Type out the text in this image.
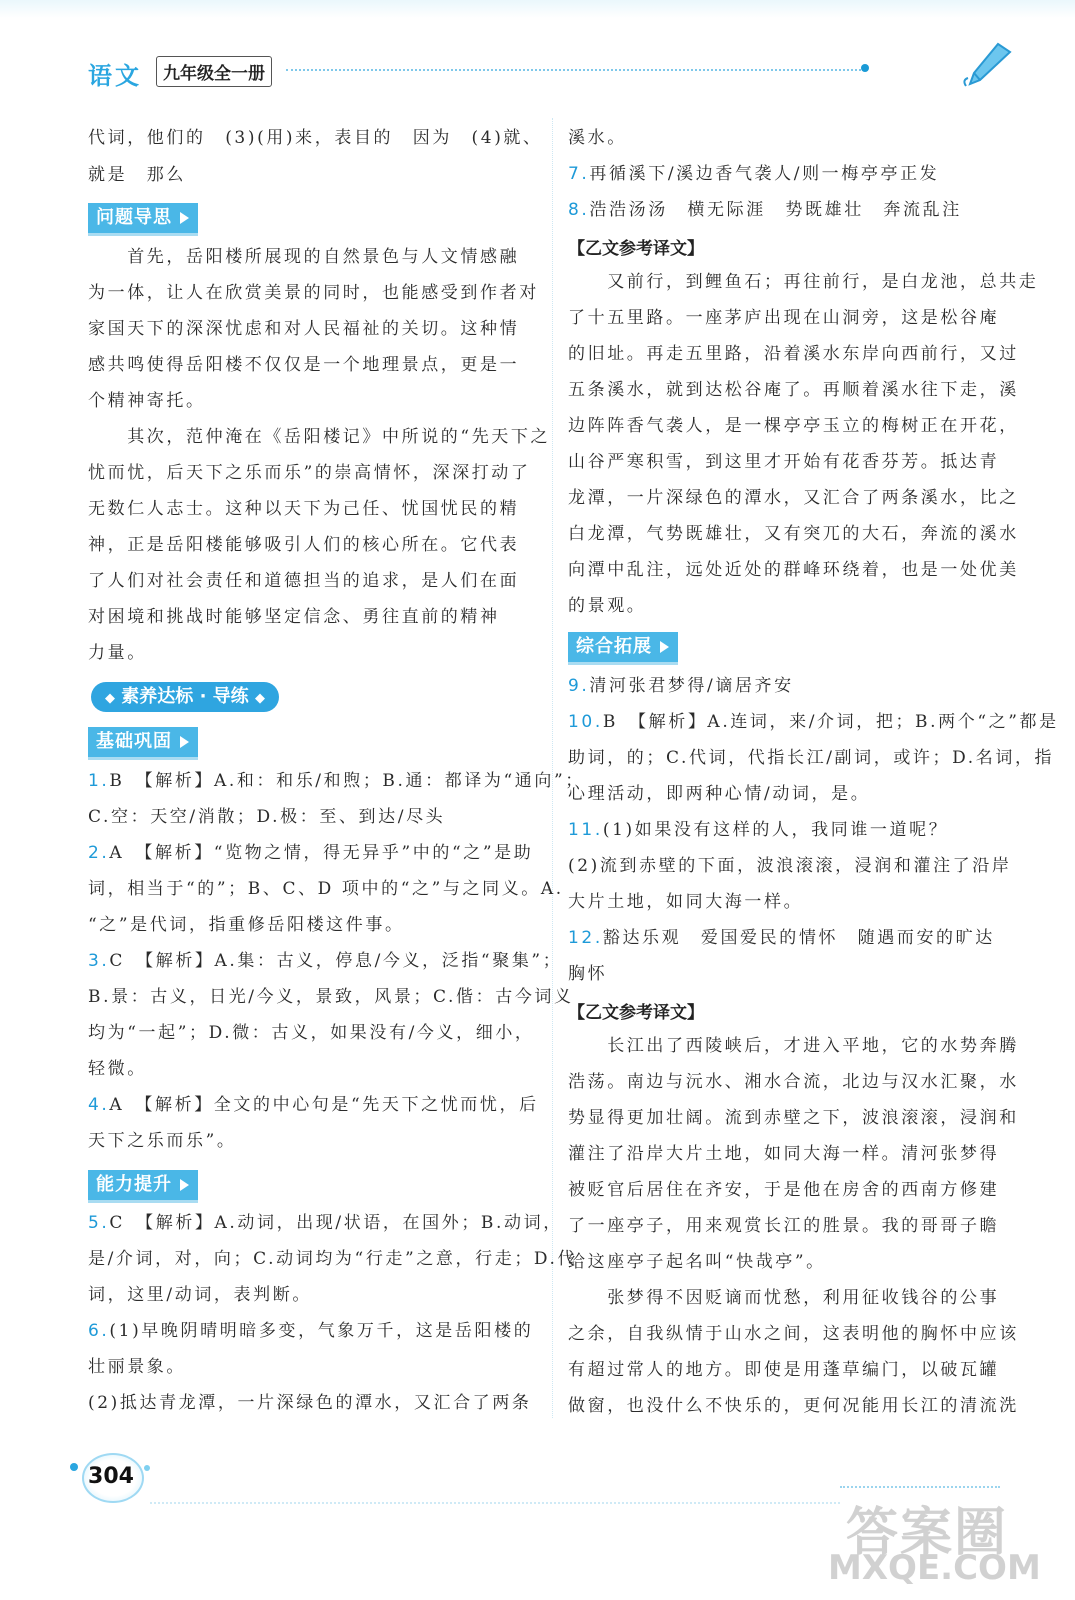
语文	九年级全一册
代词，他们的　(3)(用)来，表目的　因为　(4)就、
就是　那么
问题导思
　　首先，岳阳楼所展现的自然景色与人文情感融
为一体，让人在欣赏美景的同时，也能感受到作者对
家国天下的深深忧虑和对人民福祉的关切。这种情
感共鸣使得岳阳楼不仅仅是一个地理景点，更是一
个精神寄托。
　　其次，范仲淹在《岳阳楼记》中所说的“先天下之
忧而忧，后天下之乐而乐”的崇高情怀，深深打动了
无数仁人志士。这种以天下为己任、忧国忧民的精
神，正是岳阳楼能够吸引人们的核心所在。它代表
了人们对社会责任和道德担当的追求，是人们在面
对困境和挑战时能够坚定信念、勇往直前的精神
力量。
◆ 素养达标 · 导练 ◆
基础巩固
1.B　【解析】A.和：和乐/和煦；B.通：都译为“通向”；
C.空：天空/消散；D.极：至、到达/尽头
2.A　【解析】“览物之情，得无异乎”中的“之”是助
词，相当于“的”；B、C、D 项中的“之”与之同义。A.
“之”是代词，指重修岳阳楼这件事。
3.C　【解析】A.集：古义，停息/今义，泛指“聚集”；
B.景：古义，日光/今义，景致，风景；C.偕：古今词义
均为“一起”；D.微：古义，如果没有/今义，细小，
轻微。
4.A　【解析】全文的中心句是“先天下之忧而忧，后
天下之乐而乐”。
能力提升
5.C　【解析】A.动词，出现/状语，在国外；B.动词，
是/介词，对，向；C.动词均为“行走”之意，行走；D.代
词，这里/动词，表判断。
6.(1)早晚阴晴明暗多变，气象万千，这是岳阳楼的
壮丽景象。
(2)抵达青龙潭，一片深绿色的潭水，又汇合了两条
溪水。
7.再循溪下/溪边香气袭人/则一梅亭亭正发
8.浩浩汤汤　横无际涯　势既雄壮　奔流乱注
【乙文参考译文】
　　又前行，到鲤鱼石；再往前行，是白龙池，总共走
了十五里路。一座茅庐出现在山洞旁，这是松谷庵
的旧址。再走五里路，沿着溪水东岸向西前行，又过
五条溪水，就到达松谷庵了。再顺着溪水往下走，溪
边阵阵香气袭人，是一棵亭亭玉立的梅树正在开花，
山谷严寒积雪，到这里才开始有花香芬芳。抵达青
龙潭，一片深绿色的潭水，又汇合了两条溪水，比之
白龙潭，气势既雄壮，又有突兀的大石，奔流的溪水
向潭中乱注，远处近处的群峰环绕着，也是一处优美
的景观。
综合拓展
9.清河张君梦得/谪居齐安
10.B　【解析】A.连词，来/介词，把；B.两个“之”都是
助词，的；C.代词，代指长江/副词，或许；D.名词，指
心理活动，即两种心情/动词，是。
11.(1)如果没有这样的人，我同谁一道呢？
(2)流到赤壁的下面，波浪滚滚，浸润和灌注了沿岸
大片土地，如同大海一样。
12.豁达乐观　爱国爱民的情怀　随遇而安的旷达
胸怀
【乙文参考译文】
　　长江出了西陵峡后，才进入平地，它的水势奔腾
浩荡。南边与沅水、湘水合流，北边与汉水汇聚，水
势显得更加壮阔。流到赤壁之下，波浪滚滚，浸润和
灌注了沿岸大片土地，如同大海一样。清河张梦得
被贬官后居住在齐安，于是他在房舍的西南方修建
了一座亭子，用来观赏长江的胜景。我的哥哥子瞻
给这座亭子起名叫“快哉亭”。
　　张梦得不因贬谪而忧愁，利用征收钱谷的公事
之余，自我纵情于山水之间，这表明他的胸怀中应该
有超过常人的地方。即使是用蓬草编门，以破瓦罐
做窗，也没什么不快乐的，更何况能用长江的清流洗
304
答案圈
MXQE.COM
